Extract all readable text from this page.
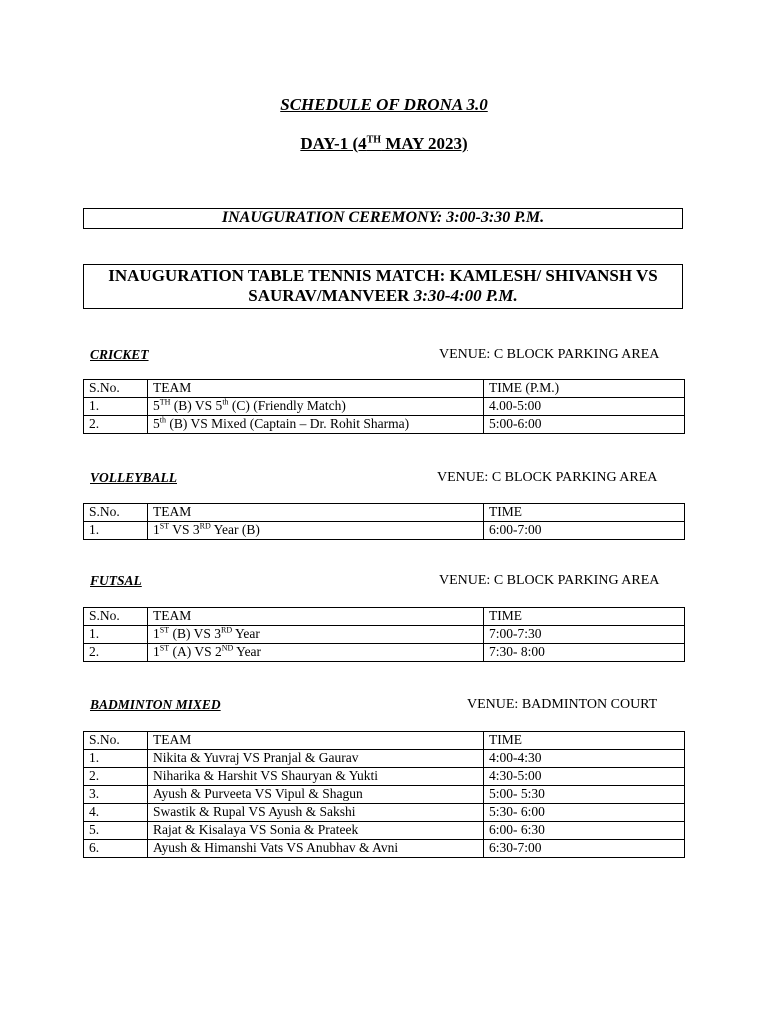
SCHEDULE OF DRONA 3.0
DAY-1 (4TH MAY 2023)
INAUGURATION CEREMONY: 3:00-3:30 P.M.
INAUGURATION TABLE TENNIS MATCH: KAMLESH/ SHIVANSH VS
SAURAV/MANVEER 3:30-4:00 P.M.
CRICKET	VENUE: C BLOCK PARKING AREA
S.No.	TEAM	TIME (P.M.)
1.	5TH (B) VS 5th (C) (Friendly Match)	4.00-5:00
2.	5th (B) VS Mixed (Captain – Dr. Rohit Sharma)	5:00-6:00
VOLLEYBALL	VENUE: C BLOCK PARKING AREA
S.No.	TEAM	TIME
1.	1ST VS 3RD Year (B)	6:00-7:00
FUTSAL	VENUE: C BLOCK PARKING AREA
S.No.	TEAM	TIME
1.	1ST (B) VS 3RD Year	7:00-7:30
2.	1ST (A) VS 2ND Year	7:30- 8:00
BADMINTON MIXED	VENUE: BADMINTON COURT
S.No.	TEAM	TIME
1.	Nikita & Yuvraj VS Pranjal & Gaurav	4:00-4:30
2.	Niharika & Harshit VS Shauryan & Yukti	4:30-5:00
3.	Ayush & Purveeta VS Vipul & Shagun	5:00- 5:30
4.	Swastik & Rupal VS Ayush & Sakshi	5:30- 6:00
5.	Rajat & Kisalaya VS Sonia & Prateek	6:00- 6:30
6.	Ayush & Himanshi Vats VS Anubhav & Avni	6:30-7:00
